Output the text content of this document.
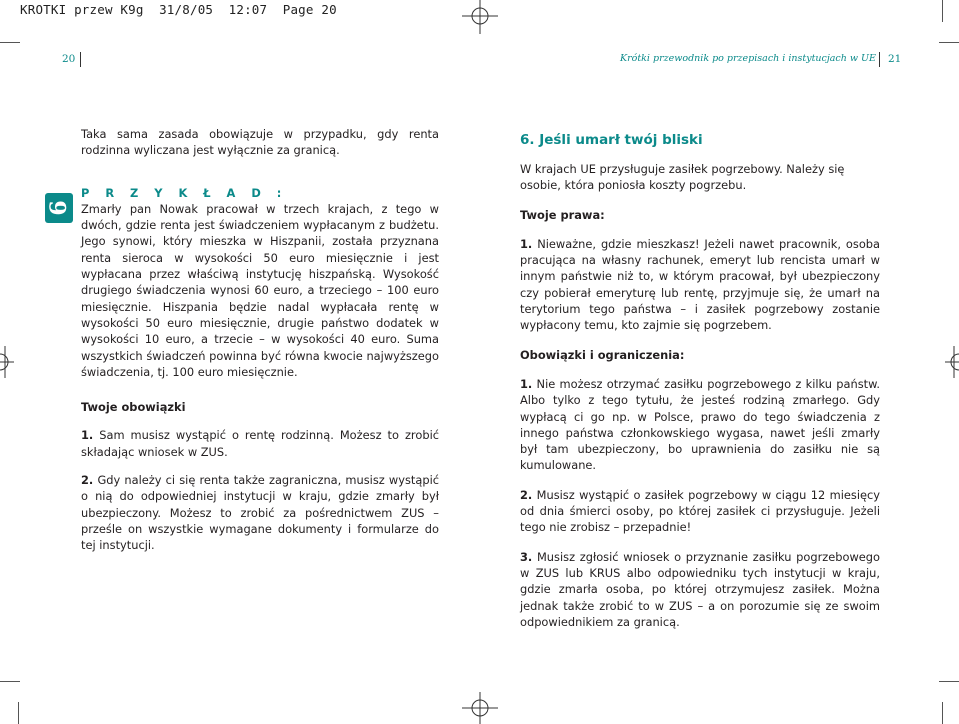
KROTKI przew K9g 31/8/05 12:07 Page 20
20	Krótki przewodnik po przepisach i instytucjach w UE 21
6

Taka sama zasada obowiązuje w przypadku, gdy renta rodzinna wyliczana jest wyłącznie za granicą.

P R Z Y K Ł A D :

Zmarły pan Nowak pracował w trzech krajach, z tego w dwóch, gdzie renta jest świadczeniem wypłacanym z budżetu. Jego synowi, który mieszka w Hiszpanii, została przyznana renta sieroca w wysokości 50 euro miesięcznie i jest wypłacana przez właściwą instytucję hiszpańską. Wysokość drugiego świadczenia wynosi 60 euro, a trzeciego – 100 euro miesięcznie. Hiszpania będzie nadal wypłacała rentę w wysokości 50 euro miesięcznie, drugie państwo dodatek w wysokości 10 euro, a trzecie – w wysokości 40 euro. Suma wszystkich świadczeń powinna być równa kwocie najwyższego świadczenia, tj. 100 euro miesięcznie.

Twoje obowiązki

1. Sam musisz wystąpić o rentę rodzinną. Możesz to zrobić składając wniosek w ZUS.

2. Gdy należy ci się renta także zagraniczna, musisz wystąpić o nią do odpowiedniej instytucji w kraju, gdzie zmarły był ubezpieczony. Możesz to zrobić za pośrednictwem ZUS – prześle on wszystkie wymagane dokumenty i formularze do tej instytucji.

6. Jeśli umarł twój bliski

W krajach UE przysługuje zasiłek pogrzebowy. Należy się osobie, która poniosła koszty pogrzebu.

Twoje prawa:

1. Nieważne, gdzie mieszkasz! Jeżeli nawet pracownik, osoba pracująca na własny rachunek, emeryt lub rencista umarł w innym państwie niż to, w którym pracował, był ubezpieczony czy pobierał emeryturę lub rentę, przyjmuje się, że umarł na terytorium tego państwa – i zasiłek pogrzebowy zostanie wypłacony temu, kto zajmie się pogrzebem.

Obowiązki i ograniczenia:

1. Nie możesz otrzymać zasiłku pogrzebowego z kilku państw. Albo tylko z tego tytułu, że jesteś rodziną zmarłego. Gdy wypłacą ci go np. w Polsce, prawo do tego świadczenia z innego państwa członkowskiego wygasa, nawet jeśli zmarły był tam ubezpieczony, bo uprawnienia do zasiłku nie są kumulowane.

2. Musisz wystąpić o zasiłek pogrzebowy w ciągu 12 miesięcy od dnia śmierci osoby, po której zasiłek ci przysługuje. Jeżeli tego nie zrobisz – przepadnie!

3. Musisz zgłosić wniosek o przyznanie zasiłku pogrzebowego w ZUS lub KRUS albo odpowiedniku tych instytucji w kraju, gdzie zmarła osoba, po której otrzymujesz zasiłek. Można jednak także zrobić to w ZUS – a on porozumie się ze swoim odpowiednikiem za granicą.
